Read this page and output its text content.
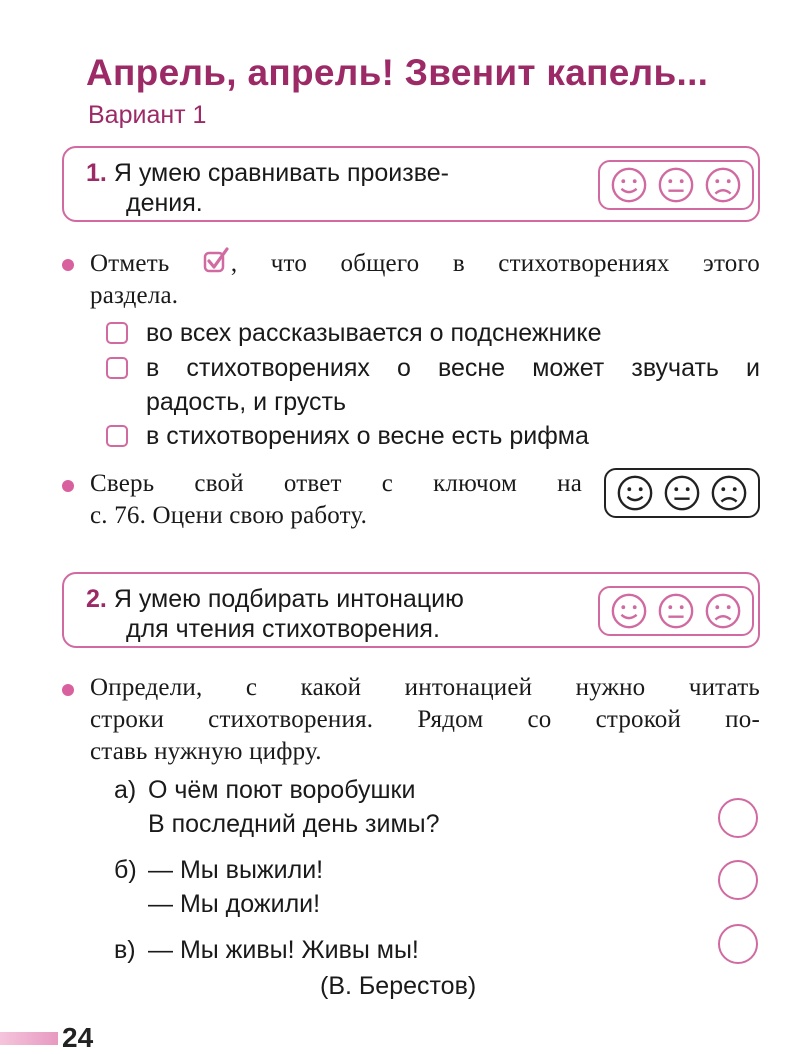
Апрель, апрель! Звенит капель...
Вариант 1
1. Я умею сравнивать произве-
дения.
Отметь , что общего в стихотворениях этого
раздела.
во всех рассказывается о подснежнике
в стихотворениях о весне может звучать и
радость, и грусть
в стихотворениях о весне есть рифма
Сверь свой ответ с ключом на
с. 76. Оцени свою работу.
2. Я умею подбирать интонацию
для чтения стихотворения.
Определи, с какой интонацией нужно читать
строки стихотворения. Рядом со строкой по-
ставь нужную цифру.
а) О чём поют воробушки
В последний день зимы?
б) — Мы выжили!
— Мы дожили!
в) — Мы живы! Живы мы!
(В. Берестов)
24
